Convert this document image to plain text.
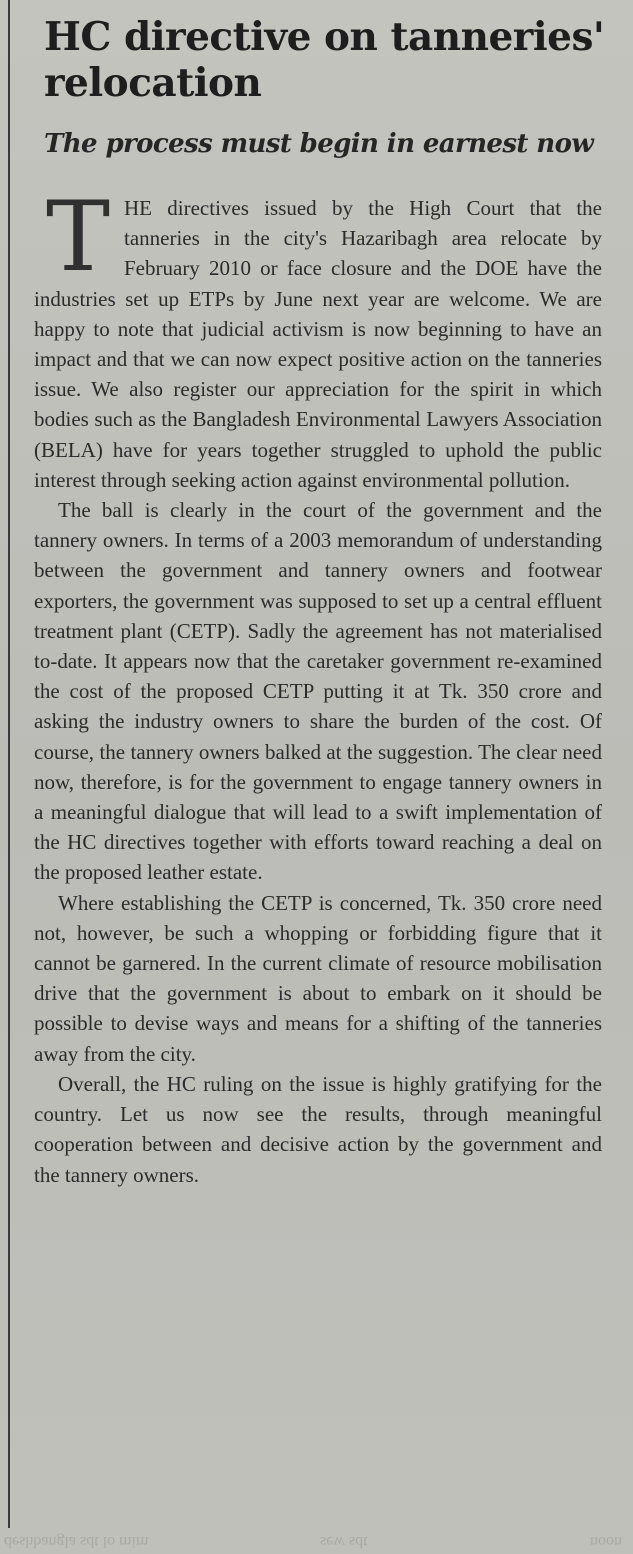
HC directive on tanneries' relocation
The process must begin in earnest now

THE directives issued by the High Court that the tanneries in the city's Hazaribagh area relocate by February 2010 or face closure and the DOE have the industries set up ETPs by June next year are welcome. We are happy to note that judicial activism is now beginning to have an impact and that we can now expect positive action on the tanneries issue. We also register our appreciation for the spirit in which bodies such as the Bangladesh Environmental Lawyers Association (BELA) have for years together struggled to uphold the public interest through seeking action against environmental pollution.

The ball is clearly in the court of the government and the tannery owners. In terms of a 2003 memorandum of understanding between the government and tannery owners and footwear exporters, the government was supposed to set up a central effluent treatment plant (CETP). Sadly the agreement has not materialised to-date. It appears now that the caretaker government re-examined the cost of the proposed CETP putting it at Tk. 350 crore and asking the industry owners to share the burden of the cost. Of course, the tannery owners balked at the suggestion. The clear need now, therefore, is for the government to engage tannery owners in a meaningful dialogue that will lead to a swift implementation of the HC directives together with efforts toward reaching a deal on the proposed leather estate.

Where establishing the CETP is concerned, Tk. 350 crore need not, however, be such a whopping or forbidding figure that it cannot be garnered. In the current climate of resource mobilisation drive that the government is about to embark on it should be possible to devise ways and means for a shifting of the tanneries away from the city.

Overall, the HC ruling on the issue is highly gratifying for the country. Let us now see the results, through meaningful cooperation between and decisive action by the government and the tannery owners.

deshbangla sdt lo mim	sew sdt	noon
